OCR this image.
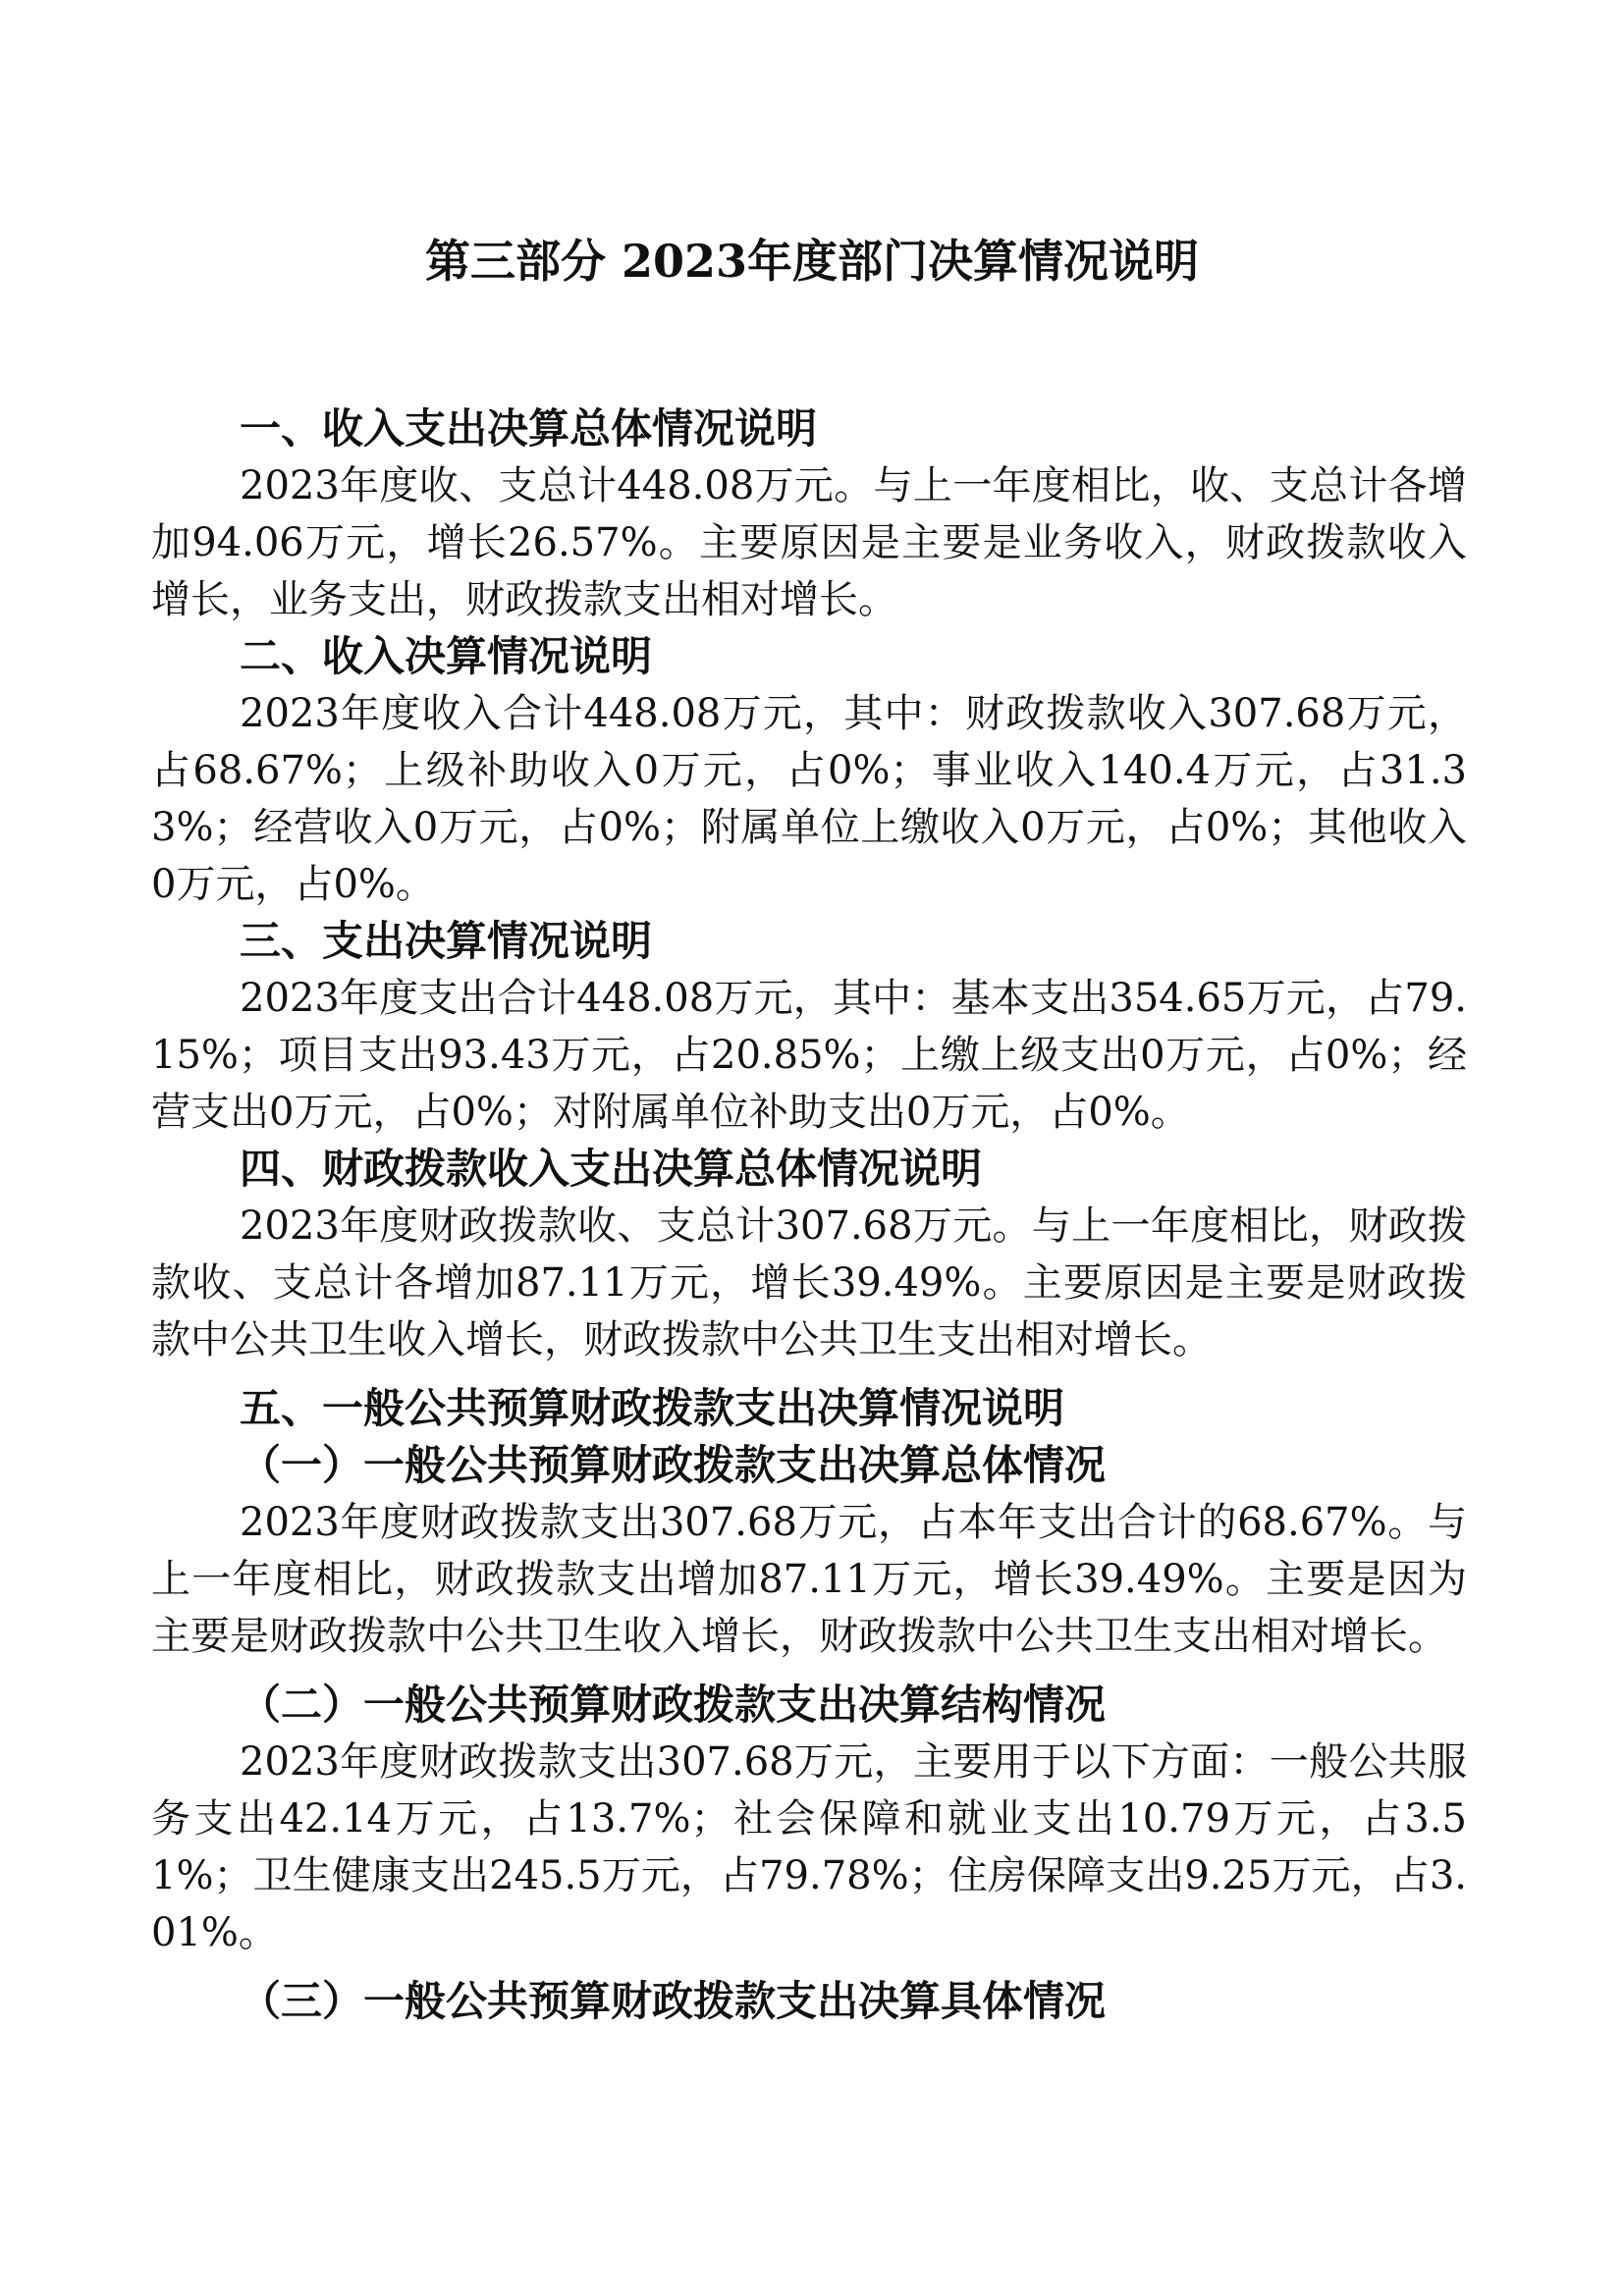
第三部分 2023年度部门决算情况说明
一、收入支出决算总体情况说明

2023年度收、支总计448.08万元。与上一年度相比，收、支总计各增加94.06万元，增长26.57%。主要原因是主要是业务收入，财政拨款收入增长，业务支出，财政拨款支出相对增长。

二、收入决算情况说明

2023年度收入合计448.08万元，其中：财政拨款收入307.68万元，占68.67%；上级补助收入0万元，占0%；事业收入140.4万元，占31.33%；经营收入0万元，占0%；附属单位上缴收入0万元，占0%；其他收入0万元，占0%。

三、支出决算情况说明

2023年度支出合计448.08万元，其中：基本支出354.65万元，占79.15%；项目支出93.43万元，占20.85%；上缴上级支出0万元，占0%；经营支出0万元，占0%；对附属单位补助支出0万元，占0%。

四、财政拨款收入支出决算总体情况说明

2023年度财政拨款收、支总计307.68万元。与上一年度相比，财政拨款收、支总计各增加87.11万元，增长39.49%。主要原因是主要是财政拨款中公共卫生收入增长，财政拨款中公共卫生支出相对增长。

五、一般公共预算财政拨款支出决算情况说明
（一）一般公共预算财政拨款支出决算总体情况

2023年度财政拨款支出307.68万元，占本年支出合计的68.67%。与上一年度相比，财政拨款支出增加87.11万元，增长39.49%。主要是因为主要是财政拨款中公共卫生收入增长，财政拨款中公共卫生支出相对增长。

（二）一般公共预算财政拨款支出决算结构情况

2023年度财政拨款支出307.68万元，主要用于以下方面：一般公共服务支出42.14万元，占13.7%；社会保障和就业支出10.79万元，占3.51%；卫生健康支出245.5万元，占79.78%；住房保障支出9.25万元，占3.01%。

（三）一般公共预算财政拨款支出决算具体情况
